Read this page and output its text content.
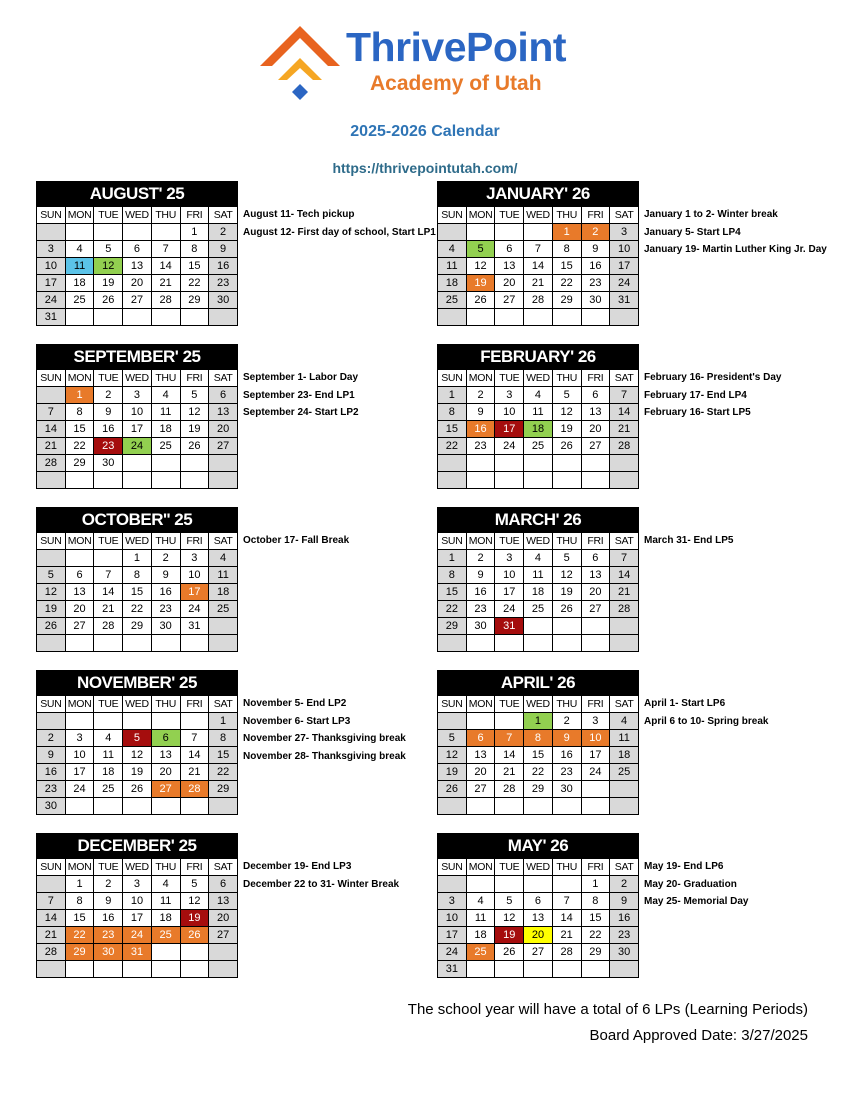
ThrivePoint
Academy of Utah
2025-2026 Calendar
https://thrivepointutah.com/
AUGUST' 25
SUN	MON	TUE	WED	THU	FRI	SAT
					1	2
3	4	5	6	7	8	9
10	11	12	13	14	15	16
17	18	19	20	21	22	23
24	25	26	27	28	29	30
31						
August 11- Tech pickup
August 12- First day of school, Start LP1
JANUARY' 26
SUN	MON	TUE	WED	THU	FRI	SAT
				1	2	3
4	5	6	7	8	9	10
11	12	13	14	15	16	17
18	19	20	21	22	23	24
25	26	27	28	29	30	31

January 1 to 2- Winter break
January 5- Start LP4
January 19- Martin Luther King Jr. Day
SEPTEMBER' 25
SUN	MON	TUE	WED	THU	FRI	SAT
	1	2	3	4	5	6
7	8	9	10	11	12	13
14	15	16	17	18	19	20
21	22	23	24	25	26	27
28	29	30				

September 1- Labor Day
September 23- End LP1
September 24- Start LP2
FEBRUARY' 26
SUN	MON	TUE	WED	THU	FRI	SAT
1	2	3	4	5	6	7
8	9	10	11	12	13	14
15	16	17	18	19	20	21
22	23	24	25	26	27	28

February 16- President's Day
February 17- End LP4
February 16- Start LP5
OCTOBER'' 25
SUN	MON	TUE	WED	THU	FRI	SAT
			1	2	3	4
5	6	7	8	9	10	11
12	13	14	15	16	17	18
19	20	21	22	23	24	25
26	27	28	29	30	31	

October 17- Fall Break
MARCH' 26
SUN	MON	TUE	WED	THU	FRI	SAT
1	2	3	4	5	6	7
8	9	10	11	12	13	14
15	16	17	18	19	20	21
22	23	24	25	26	27	28
29	30	31				

March 31- End LP5
NOVEMBER' 25
SUN	MON	TUE	WED	THU	FRI	SAT
						1
2	3	4	5	6	7	8
9	10	11	12	13	14	15
16	17	18	19	20	21	22
23	24	25	26	27	28	29
30						
November 5- End LP2
November 6- Start LP3
November 27- Thanksgiving break
November 28- Thanksgiving break
APRIL' 26
SUN	MON	TUE	WED	THU	FRI	SAT
			1	2	3	4
5	6	7	8	9	10	11
12	13	14	15	16	17	18
19	20	21	22	23	24	25
26	27	28	29	30		

April 1- Start LP6
April 6 to 10- Spring break
DECEMBER' 25
SUN	MON	TUE	WED	THU	FRI	SAT
	1	2	3	4	5	6
7	8	9	10	11	12	13
14	15	16	17	18	19	20
21	22	23	24	25	26	27
28	29	30	31			

December 19- End LP3
December 22 to 31- Winter Break
MAY' 26
SUN	MON	TUE	WED	THU	FRI	SAT
					1	2
3	4	5	6	7	8	9
10	11	12	13	14	15	16
17	18	19	20	21	22	23
24	25	26	27	28	29	30
31						
May 19- End LP6
May 20- Graduation
May 25- Memorial Day
The school year will have a total of 6 LPs (Learning Periods)
Board Approved Date: 3/27/2025
